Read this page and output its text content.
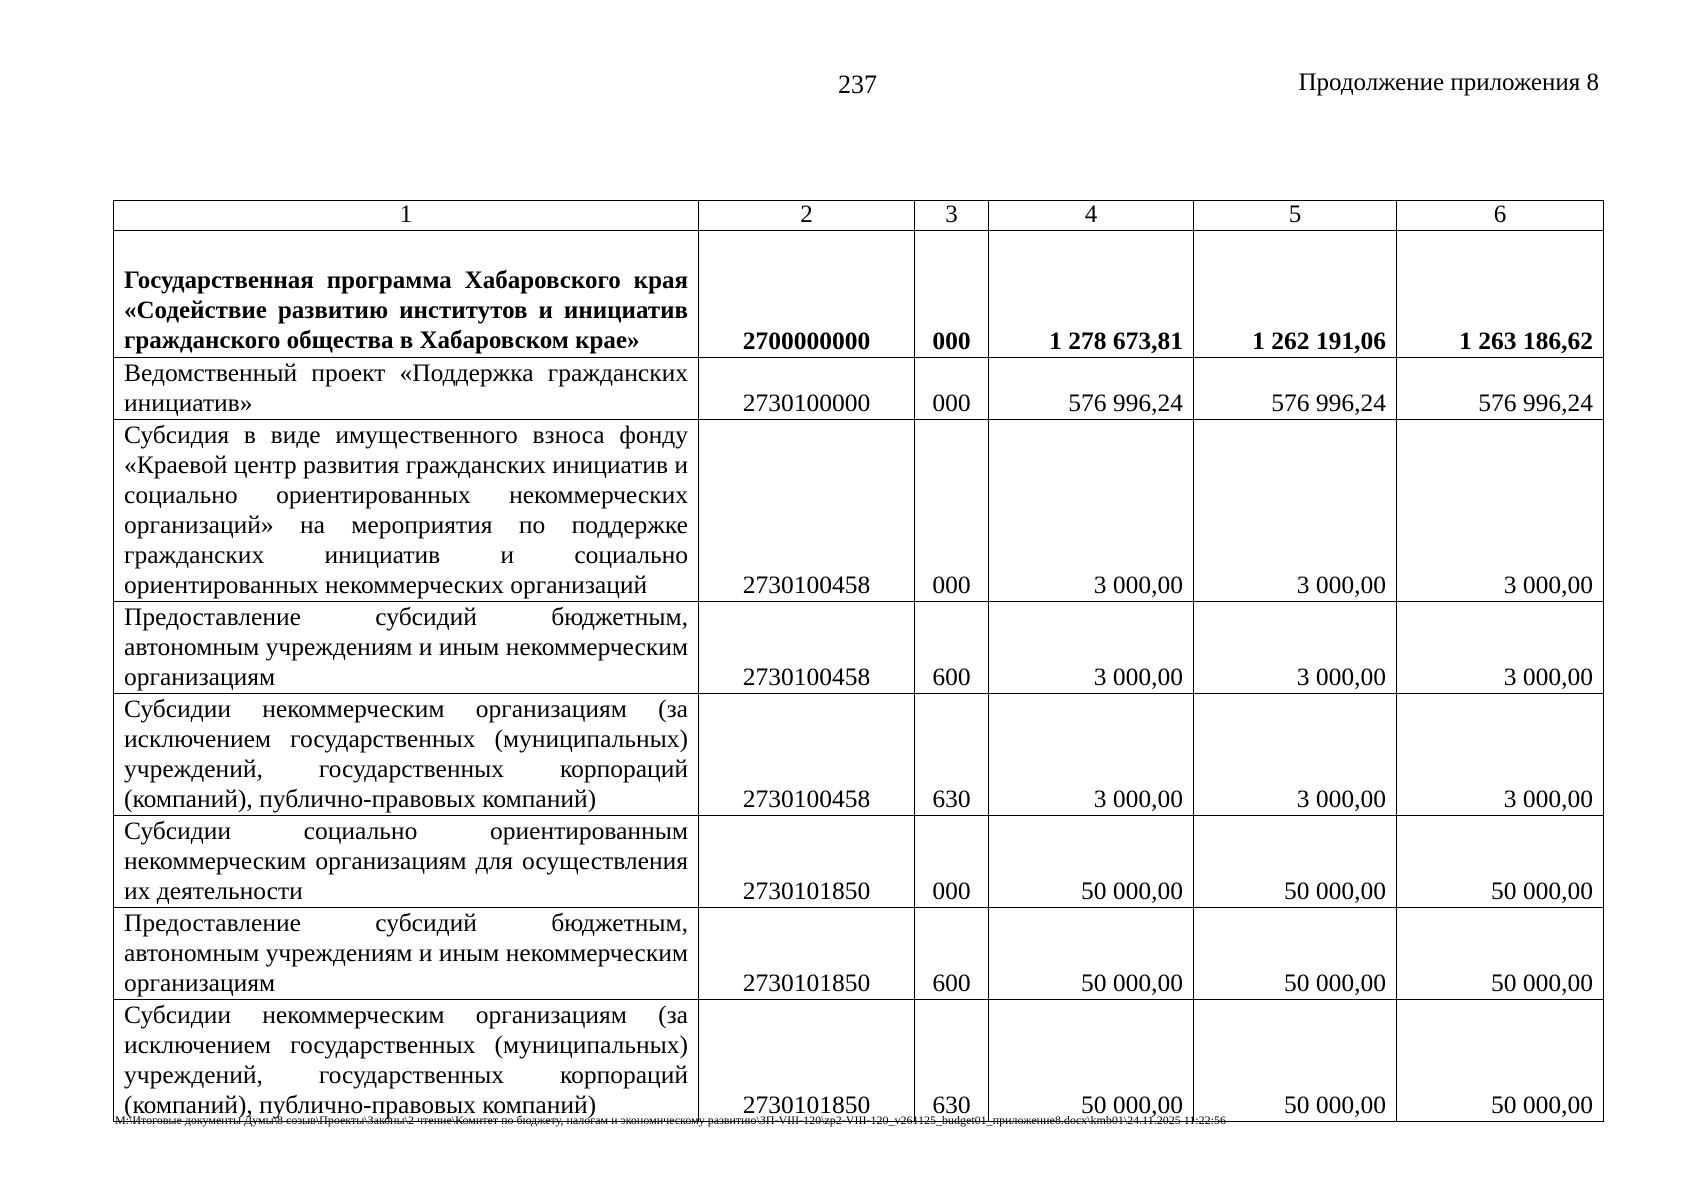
237	Продолжение приложения 8
1	2	3	4	5	6
Государственная программа Хабаровского края «Содействие развитию институтов и инициатив гражданского общества в Хабаровском крае»	2700000000	000	1 278 673,81	1 262 191,06	1 263 186,62
Ведомственный проект «Поддержка гражданских инициатив»	2730100000	000	576 996,24	576 996,24	576 996,24
Субсидия в виде имущественного взноса фонду «Краевой центр развития гражданских инициатив и социально ориентированных некоммерческих организаций» на мероприятия по поддержке гражданских инициатив и социально ориентированных некоммерческих организаций	2730100458	000	3 000,00	3 000,00	3 000,00
Предоставление субсидий бюджетным, автономным учреждениям и иным некоммерческим организациям	2730100458	600	3 000,00	3 000,00	3 000,00
Субсидии некоммерческим организациям (за исключением государственных (муниципальных) учреждений, государственных корпораций (компаний), публично-правовых компаний)	2730100458	630	3 000,00	3 000,00	3 000,00
Субсидии социально ориентированным некоммерческим организациям для осуществления их деятельности	2730101850	000	50 000,00	50 000,00	50 000,00
Предоставление субсидий бюджетным, автономным учреждениям и иным некоммерческим организациям	2730101850	600	50 000,00	50 000,00	50 000,00
Субсидии некоммерческим организациям (за исключением государственных (муниципальных) учреждений, государственных корпораций (компаний), публично-правовых компаний)	2730101850	630	50 000,00	50 000,00	50 000,00
M:\Итоговые документы Думы\8 созыв\Проекты\Законы\2 чтение\Комитет по бюджету, налогам и экономическому развитию\ЗП-VIII-120\zp2-VIII-120_v261125_budget01_приложение8.docx\kmb01\24.11.2025 11:22:56
